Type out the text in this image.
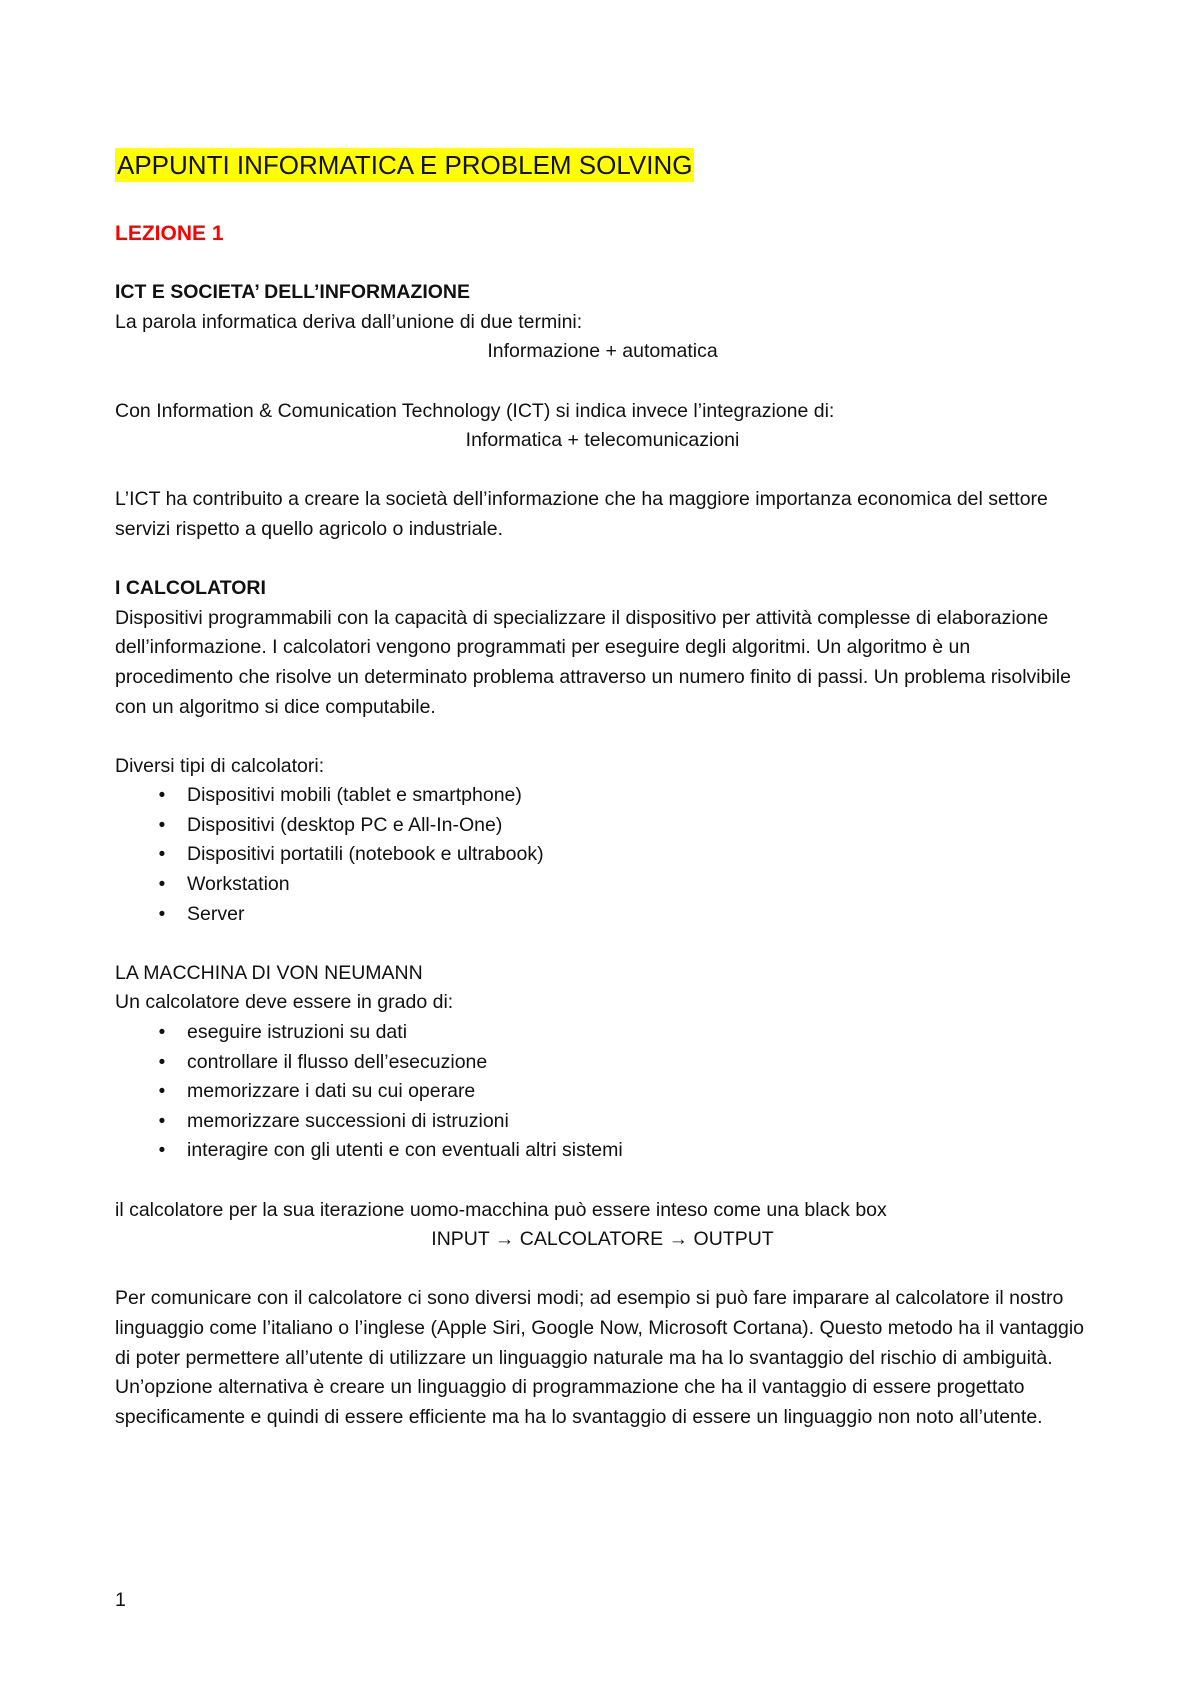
APPUNTI INFORMATICA E PROBLEM SOLVING
LEZIONE 1

ICT E SOCIETA’ DELL’INFORMAZIONE

La parola informatica deriva dall’unione di due termini:

Informazione + automatica

Con Information & Comunication Technology (ICT) si indica invece l’integrazione di:

Informatica + telecomunicazioni

L’ICT ha contribuito a creare la società dell’informazione che ha maggiore importanza economica del settore servizi rispetto a quello agricolo o industriale.

I CALCOLATORI

Dispositivi programmabili con la capacità di specializzare il dispositivo per attività complesse di elaborazione dell’informazione. I calcolatori vengono programmati per eseguire degli algoritmi. Un algoritmo è un procedimento che risolve un determinato problema attraverso un numero finito di passi. Un problema risolvibile con un algoritmo si dice computabile.

Diversi tipi di calcolatori:

• Dispositivi mobili (tablet e smartphone)
• Dispositivi (desktop PC e All-In-One)
• Dispositivi portatili (notebook e ultrabook)
• Workstation
• Server

LA MACCHINA DI VON NEUMANN

Un calcolatore deve essere in grado di:

• eseguire istruzioni su dati
• controllare il flusso dell’esecuzione
• memorizzare i dati su cui operare
• memorizzare successioni di istruzioni
• interagire con gli utenti e con eventuali altri sistemi

il calcolatore per la sua iterazione uomo-macchina può essere inteso come una black box

INPUT → CALCOLATORE → OUTPUT

Per comunicare con il calcolatore ci sono diversi modi; ad esempio si può fare imparare al calcolatore il nostro linguaggio come l’italiano o l’inglese (Apple Siri, Google Now, Microsoft Cortana). Questo metodo ha il vantaggio di poter permettere all’utente di utilizzare un linguaggio naturale ma ha lo svantaggio del rischio di ambiguità.

Un’opzione alternativa è creare un linguaggio di programmazione che ha il vantaggio di essere progettato specificamente e quindi di essere efficiente ma ha lo svantaggio di essere un linguaggio non noto all’utente.

1
